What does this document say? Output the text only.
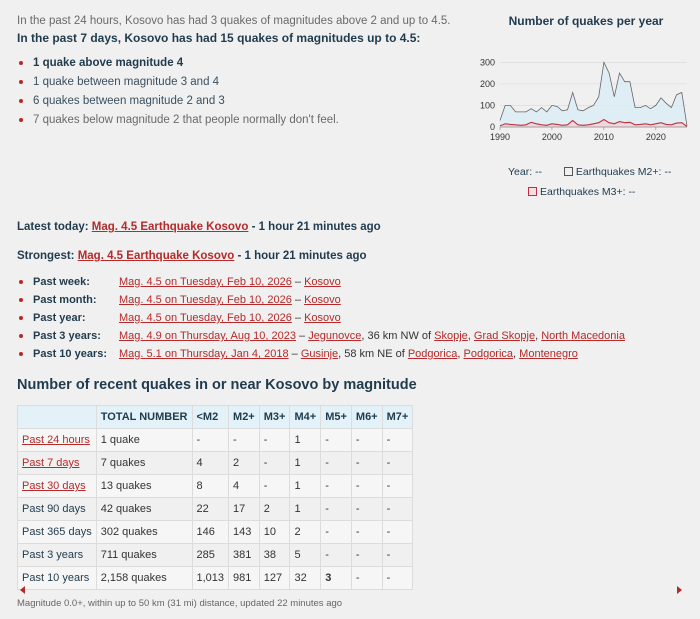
In the past 24 hours, Kosovo has had 3 quakes of magnitudes above 2 and up to 4.5.

In the past 7 days, Kosovo has had 15 quakes of magnitudes up to 4.5:

1 quake above magnitude 4
1 quake between magnitude 3 and 4
6 quakes between magnitude 2 and 3
7 quakes below magnitude 2 that people normally don't feel.
Number of quakes per year
0
100
200
300
1990	2000	2010	2020
Year: --	Earthquakes M2+: --
Earthquakes M3+: --
Latest today: Mag. 4.5 Earthquake Kosovo - 1 hour 21 minutes ago
Strongest: Mag. 4.5 Earthquake Kosovo - 1 hour 21 minutes ago
Past week:	Mag. 4.5 on Tuesday, Feb 10, 2026 – Kosovo
Past month: Mag. 4.5 on Tuesday, Feb 10, 2026 – Kosovo
Past year:	Mag. 4.5 on Tuesday, Feb 10, 2026 – Kosovo
Past 3 years: Mag. 4.9 on Thursday, Aug 10, 2023 – Jegunovce, 36 km NW of Skopje, Grad Skopje, North Macedonia
Past 10 years: Mag. 5.1 on Thursday, Jan 4, 2018 – Gusinje, 58 km NE of Podgorica, Podgorica, Montenegro
Number of recent quakes in or near Kosovo by magnitude
	TOTAL NUMBER	<M2	M2+	M3+	M4+	M5+	M6+	M7+
Past 24 hours	1 quake	-	-	-	1	-	-	-
Past 7 days	7 quakes	4	2	-	1	-	-	-
Past 30 days	13 quakes	8	4	-	1	-	-	-
Past 90 days	42 quakes	22	17	2	1	-	-	-
Past 365 days	302 quakes	146	143	10	2	-	-	-
Past 3 years	711 quakes	285	381	38	5	-	-	-
Past 10 years	2,158 quakes	1,013	981	127	32	3	-	-
Magnitude 0.0+, within up to 50 km (31 mi) distance, updated 22 minutes ago
